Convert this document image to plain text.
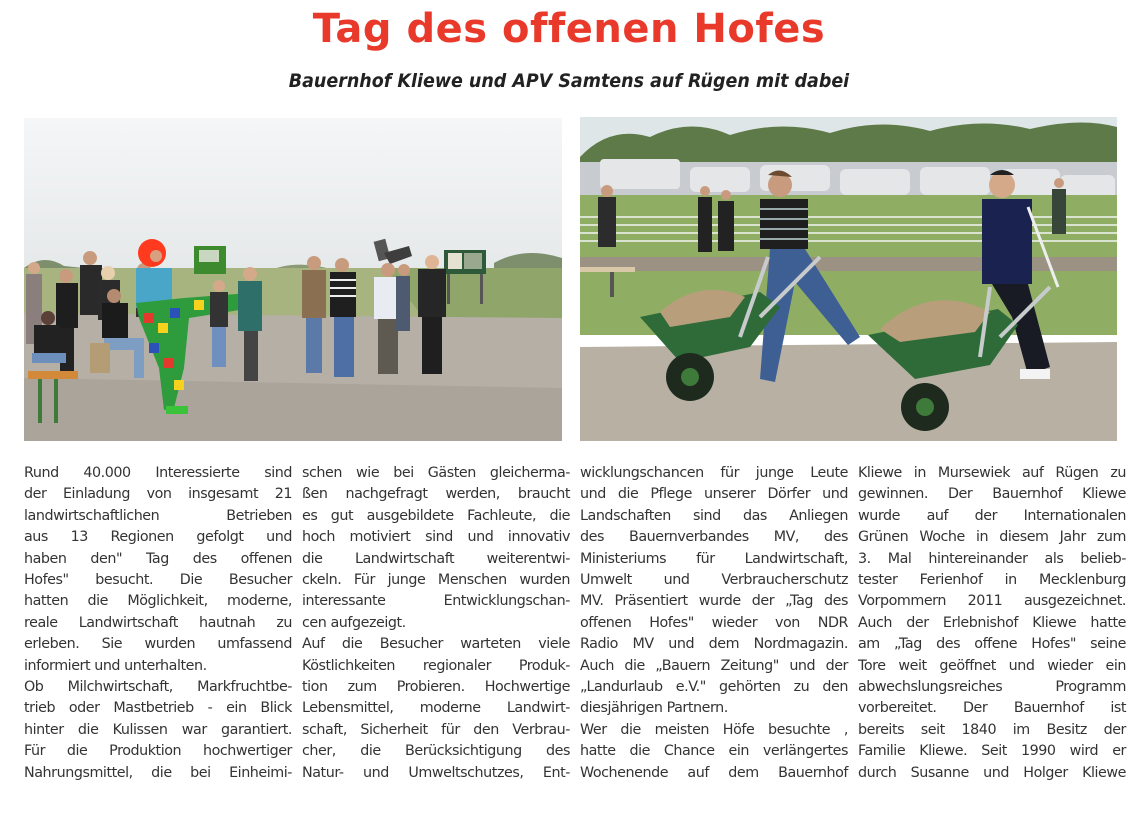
Tag des offenen Hofes
Bauernhof Kliewe und APV Samtens auf Rügen mit dabei
Rund 40.000 Interessierte sind
der Einladung von insgesamt 21
landwirtschaftlichen Betrieben
aus 13 Regionen gefolgt und
haben den" Tag des offenen
Hofes" besucht. Die Besucher
hatten die Möglichkeit, moderne,
reale Landwirtschaft hautnah zu
erleben. Sie wurden umfassend
informiert und unterhalten.
Ob Milchwirtschaft, Markfruchtbe-
trieb oder Mastbetrieb - ein Blick
hinter die Kulissen war garantiert.
Für die Produktion hochwertiger
Nahrungsmittel, die bei Einheimi-
schen wie bei Gästen gleicherma-
ßen nachgefragt werden, braucht
es gut ausgebildete Fachleute, die
hoch motiviert sind und innovativ
die Landwirtschaft weiterentwi-
ckeln. Für junge Menschen wurden
interessante Entwicklungschan-
cen aufgezeigt.
Auf die Besucher warteten viele
Köstlichkeiten regionaler Produk-
tion zum Probieren. Hochwertige
Lebensmittel, moderne Landwirt-
schaft, Sicherheit für den Verbrau-
cher, die Berücksichtigung des
Natur- und Umweltschutzes, Ent-
wicklungschancen für junge Leute
und die Pflege unserer Dörfer und
Landschaften sind das Anliegen
des Bauernverbandes MV, des
Ministeriums für Landwirtschaft,
Umwelt und Verbraucherschutz
MV. Präsentiert wurde der „Tag des
offenen Hofes" wieder von NDR
Radio MV und dem Nordmagazin.
Auch die „Bauern Zeitung" und der
„Landurlaub e.V." gehörten zu den
diesjährigen Partnern.
Wer die meisten Höfe besuchte ,
hatte die Chance ein verlängertes
Wochenende auf dem Bauernhof
Kliewe in Mursewiek auf Rügen zu
gewinnen. Der Bauernhof Kliewe
wurde auf der Internationalen
Grünen Woche in diesem Jahr zum
3. Mal hintereinander als belieb-
tester Ferienhof in Mecklenburg
Vorpommern 2011 ausgezeichnet.
Auch der Erlebnishof Kliewe hatte
am „Tag des offene Hofes" seine
Tore weit geöffnet und wieder ein
abwechslungsreiches Programm
vorbereitet. Der Bauernhof ist
bereits seit 1840 im Besitz der
Familie Kliewe. Seit 1990 wird er
durch Susanne und Holger Kliewe
